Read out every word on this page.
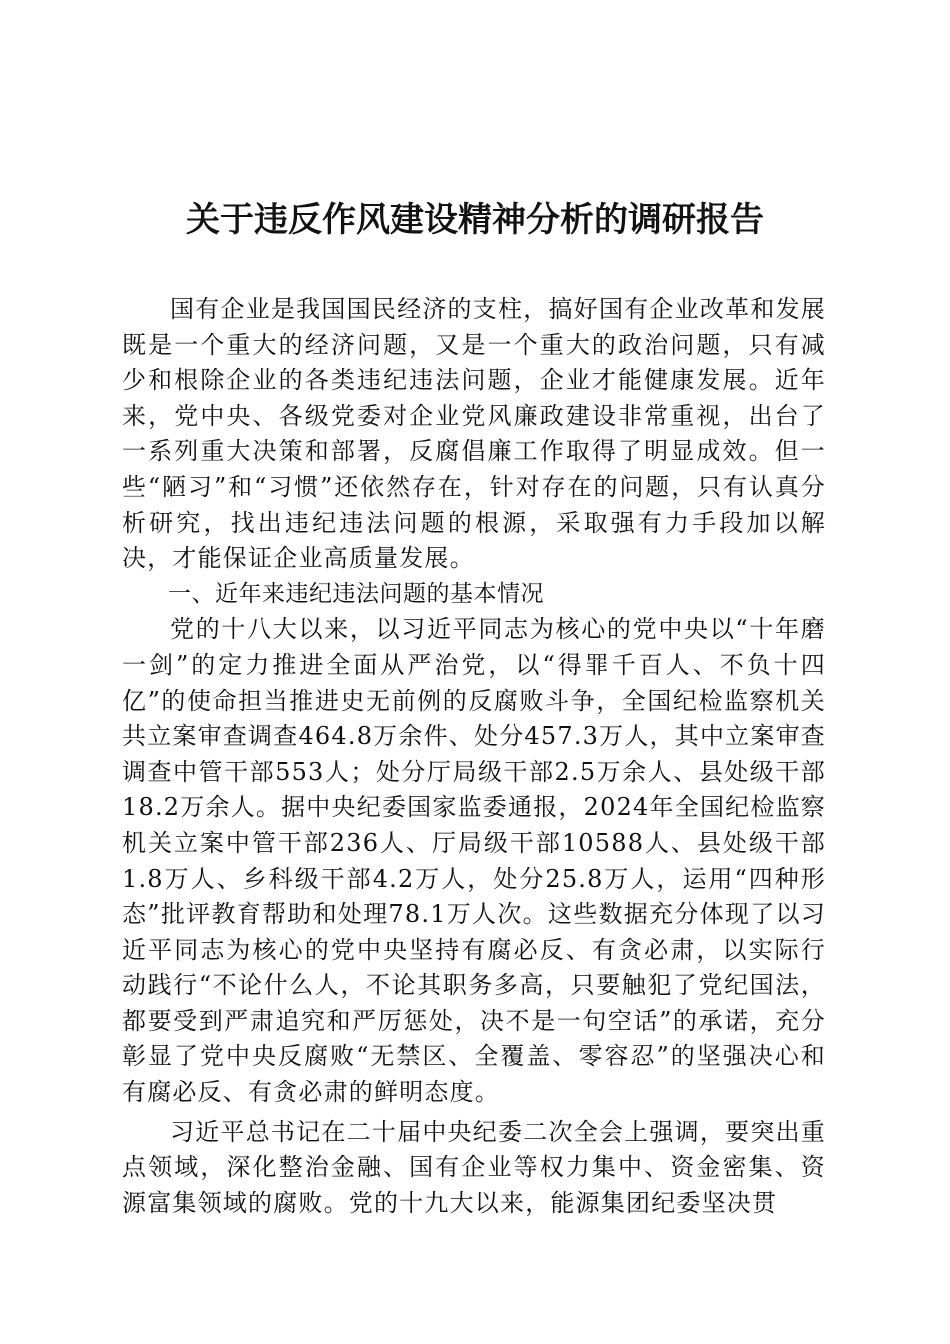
关于违反作风建设精神分析的调研报告

国有企业是我国国民经济的支柱，搞好国有企业改革和发展既是一个重大的经济问题，又是一个重大的政治问题，只有减少和根除企业的各类违纪违法问题，企业才能健康发展。近年来，党中央、各级党委对企业党风廉政建设非常重视，出台了一系列重大决策和部署，反腐倡廉工作取得了明显成效。但一些“陋习”和“习惯”还依然存在，针对存在的问题，只有认真分析研究，找出违纪违法问题的根源，采取强有力手段加以解决，才能保证企业高质量发展。

一、近年来违纪违法问题的基本情况

党的十八大以来，以习近平同志为核心的党中央以“十年磨一剑”的定力推进全面从严治党，以“得罪千百人、不负十四亿”的使命担当推进史无前例的反腐败斗争，全国纪检监察机关共立案审查调查464.8万余件、处分457.3万人，其中立案审查调查中管干部553人；处分厅局级干部2.5万余人、县处级干部18.2万余人。据中央纪委国家监委通报，2024年全国纪检监察机关立案中管干部236人、厅局级干部10588人、县处级干部1.8万人、乡科级干部4.2万人，处分25.8万人，运用“四种形态”批评教育帮助和处理78.1万人次。这些数据充分体现了以习近平同志为核心的党中央坚持有腐必反、有贪必肃，以实际行动践行“不论什么人，不论其职务多高，只要触犯了党纪国法，都要受到严肃追究和严厉惩处，决不是一句空话”的承诺，充分彰显了党中央反腐败“无禁区、全覆盖、零容忍”的坚强决心和有腐必反、有贪必肃的鲜明态度。

习近平总书记在二十届中央纪委二次全会上强调，要突出重点领域，深化整治金融、国有企业等权力集中、资金密集、资源富集领域的腐败。党的十九大以来，能源集团纪委坚决贯
